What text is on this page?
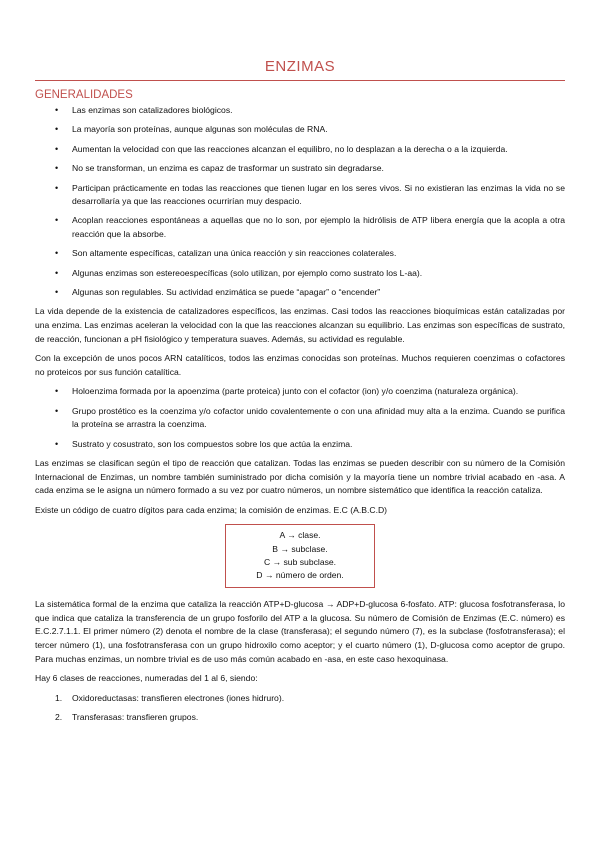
ENZIMAS
GENERALIDADES
• Las enzimas son catalizadores biológicos.
• La mayoría son proteínas, aunque algunas son moléculas de RNA.
• Aumentan la velocidad con que las reacciones alcanzan el equilibro, no lo desplazan a la derecha o a la izquierda.
• No se transforman, un enzima es capaz de trasformar un sustrato sin degradarse.
• Participan prácticamente en todas las reacciones que tienen lugar en los seres vivos. Si no existieran las enzimas la vida no se desarrollaría ya que las reacciones ocurrirían muy despacio.
• Acoplan reacciones espontáneas a aquellas que no lo son, por ejemplo la hidrólisis de ATP libera energía que la acopla a otra reacción que la absorbe.
• Son altamente específicas, catalizan una única reacción y sin reacciones colaterales.
• Algunas enzimas son estereoespecíficas (solo utilizan, por ejemplo como sustrato los L-aa).
• Algunas son regulables. Su actividad enzimática se puede “apagar” o “encender”

La vida depende de la existencia de catalizadores específicos, las enzimas. Casi todos las reacciones bioquímicas están catalizadas por una enzima. Las enzimas aceleran la velocidad con la que las reacciones alcanzan su equilibrio. Las enzimas son específicas de sustrato, de reacción, funcionan a pH fisiológico y temperatura suaves. Además, su actividad es regulable.

Con la excepción de unos pocos ARN catalíticos, todos las enzimas conocidas son proteínas. Muchos requieren coenzimas o cofactores no proteicos por sus función catalítica.

• Holoenzima formada por la apoenzima (parte proteica) junto con el cofactor (ion) y/o coenzima (naturaleza orgánica).
• Grupo prostético es la coenzima y/o cofactor unido covalentemente o con una afinidad muy alta a la enzima. Cuando se purifica la proteína se arrastra la coenzima.
• Sustrato y cosustrato, son los compuestos sobre los que actúa la enzima.

Las enzimas se clasifican según el tipo de reacción que catalizan. Todas las enzimas se pueden describir con su número de la Comisión Internacional de Enzimas, un nombre también suministrado por dicha comisión y la mayoría tiene un nombre trivial acabado en -asa. A cada enzima se le asigna un número formado a su vez por cuatro números, un nombre sistemático que identifica la reacción cataliza.

Existe un código de cuatro dígitos para cada enzima; la comisión de enzimas. E.C (A.B.C.D)

A → clase.
B → subclase.
C → sub subclase.
D → número de orden.

La sistemática formal de la enzima que cataliza la reacción ATP+D-glucosa → ADP+D-glucosa 6-fosfato. ATP: glucosa fosfotransferasa, lo que indica que cataliza la transferencia de un grupo fosforilo del ATP a la glucosa. Su número de Comisión de Enzimas (E.C. número) es E.C.2.7.1.1. El primer número (2) denota el nombre de la clase (transferasa); el segundo número (7), es la subclase (fosfotransferasa); el tercer número (1), una fosfotransferasa con un grupo hidroxilo como aceptor; y el cuarto número (1), D-glucosa como aceptor de grupo. Para muchas enzimas, un nombre trivial es de uso más común acabado en -asa, en este caso hexoquinasa.

Hay 6 clases de reacciones, numeradas del 1 al 6, siendo:

1. Oxidoreductasas: transfieren electrones (iones hidruro).
2. Transferasas: transfieren grupos.
